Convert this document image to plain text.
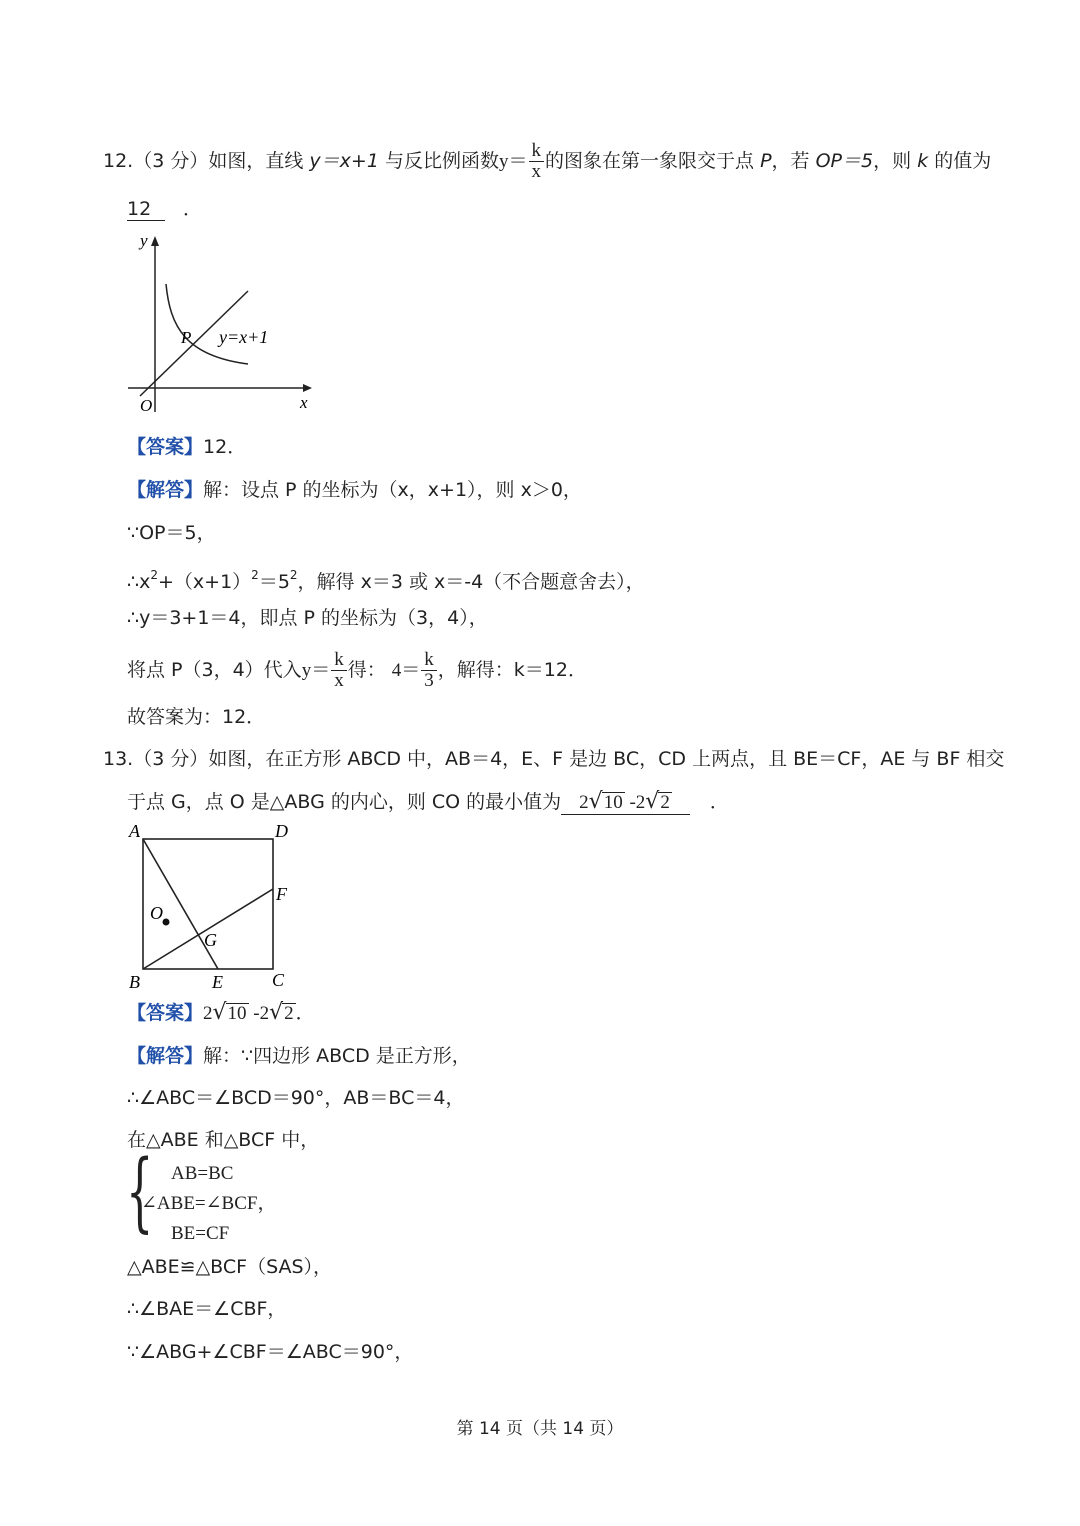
12.（3 分）如图，直线 y＝x+1 与反比例函数$y= \frac{k}{x}$ 的图象在第一象限交于点 P，若 OP＝5，则 k 的值为
12 ．
y
x
O
P y=x+1
【答案】12．
【解答】解：设点 P 的坐标为（x，x+1），则 x＞0，
∵OP＝5，
$\therefore x^2+(x+1)^2=5^2$，解得 x＝3 或 x＝-4（不合题意舍去），
∴y＝3+1＝4，即点 P 的坐标为（3，4），
将点 P（3，4）代入$y= \frac{k}{x}$ 得： $4= \frac{k}{3}$ ，解得：k＝12．
故答案为：12．
13.（3 分）如图，在正方形 ABCD 中，AB＝4，E、F 是边 BC，CD 上两点，且 BE＝CF，AE 与 BF 相交
于点 G，点 O 是△ABG 的内心，则 CO 的最小值为 2√10 -2√2 ．
A	D
B	C
E
F
G
O
【答案】2√10 -2√2 ．
【解答】解：∵四边形 ABCD 是正方形，
∴∠ABC＝∠BCD＝90°，AB＝BC＝4，
在△ABE 和△BCF 中，
{ AB=BC
∠ABE=∠BCF，
BE=CF
△ABE≌△BCF（SAS），
∴∠BAE＝∠CBF，
∵∠ABG+∠CBF＝∠ABC＝90°，
第 14 页（共 14 页）
